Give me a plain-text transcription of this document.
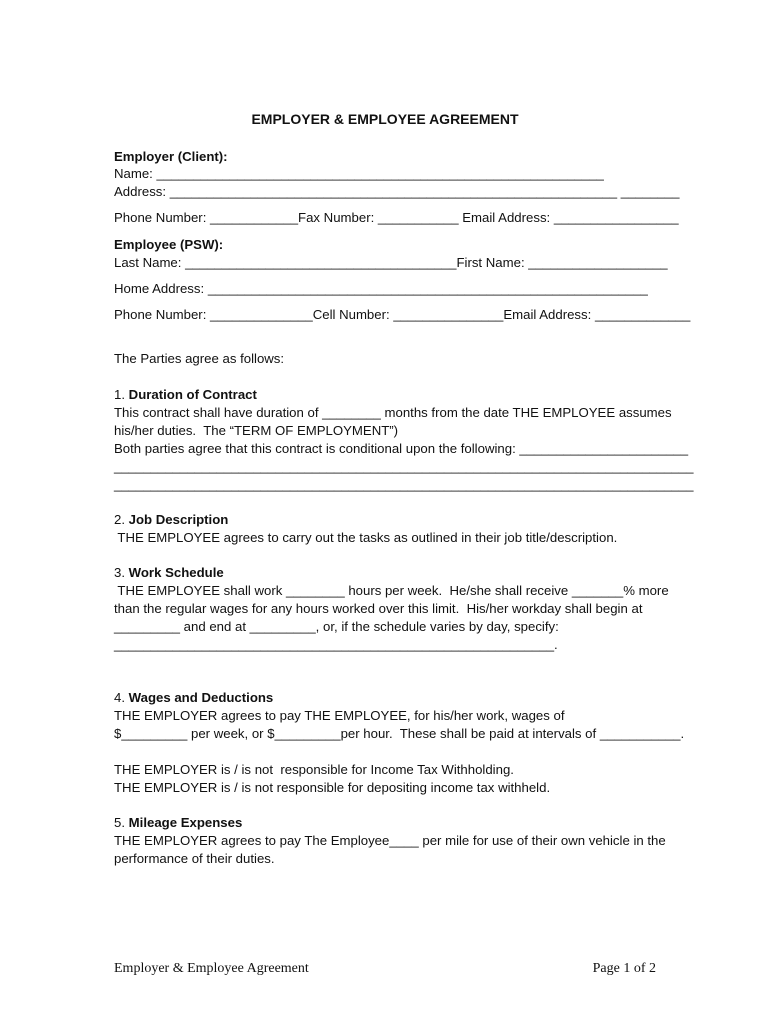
EMPLOYER & EMPLOYEE AGREEMENT
Employer (Client):
Name: _____________________________________________________________
Address: _____________________________________________________________ ________
Phone Number: ____________Fax Number: ___________ Email Address: _________________
Employee (PSW):
Last Name: _____________________________________First Name: ___________________
Home Address: ____________________________________________________________
Phone Number: ______________Cell Number: _______________Email Address: _____________
The Parties agree as follows:
1. Duration of Contract
This contract shall have duration of ________ months from the date THE EMPLOYEE assumes
his/her duties.  The “TERM OF EMPLOYMENT”)
Both parties agree that this contract is conditional upon the following: _______________________
_______________________________________________________________________________
_______________________________________________________________________________
2. Job Description
THE EMPLOYEE agrees to carry out the tasks as outlined in their job title/description.
3. Work Schedule
THE EMPLOYEE shall work ________ hours per week.  He/she shall receive _______% more
than the regular wages for any hours worked over this limit.  His/her workday shall begin at
_________ and end at _________, or, if the schedule varies by day, specify:
____________________________________________________________.
4. Wages and Deductions
THE EMPLOYER agrees to pay THE EMPLOYEE, for his/her work, wages of
$_________ per week, or $_________per hour.  These shall be paid at intervals of ___________.
THE EMPLOYER is / is not  responsible for Income Tax Withholding.
THE EMPLOYER is / is not responsible for depositing income tax withheld.
5. Mileage Expenses
THE EMPLOYER agrees to pay The Employee____ per mile for use of their own vehicle in the
performance of their duties.
Employer & Employee Agreement	Page 1 of 2
